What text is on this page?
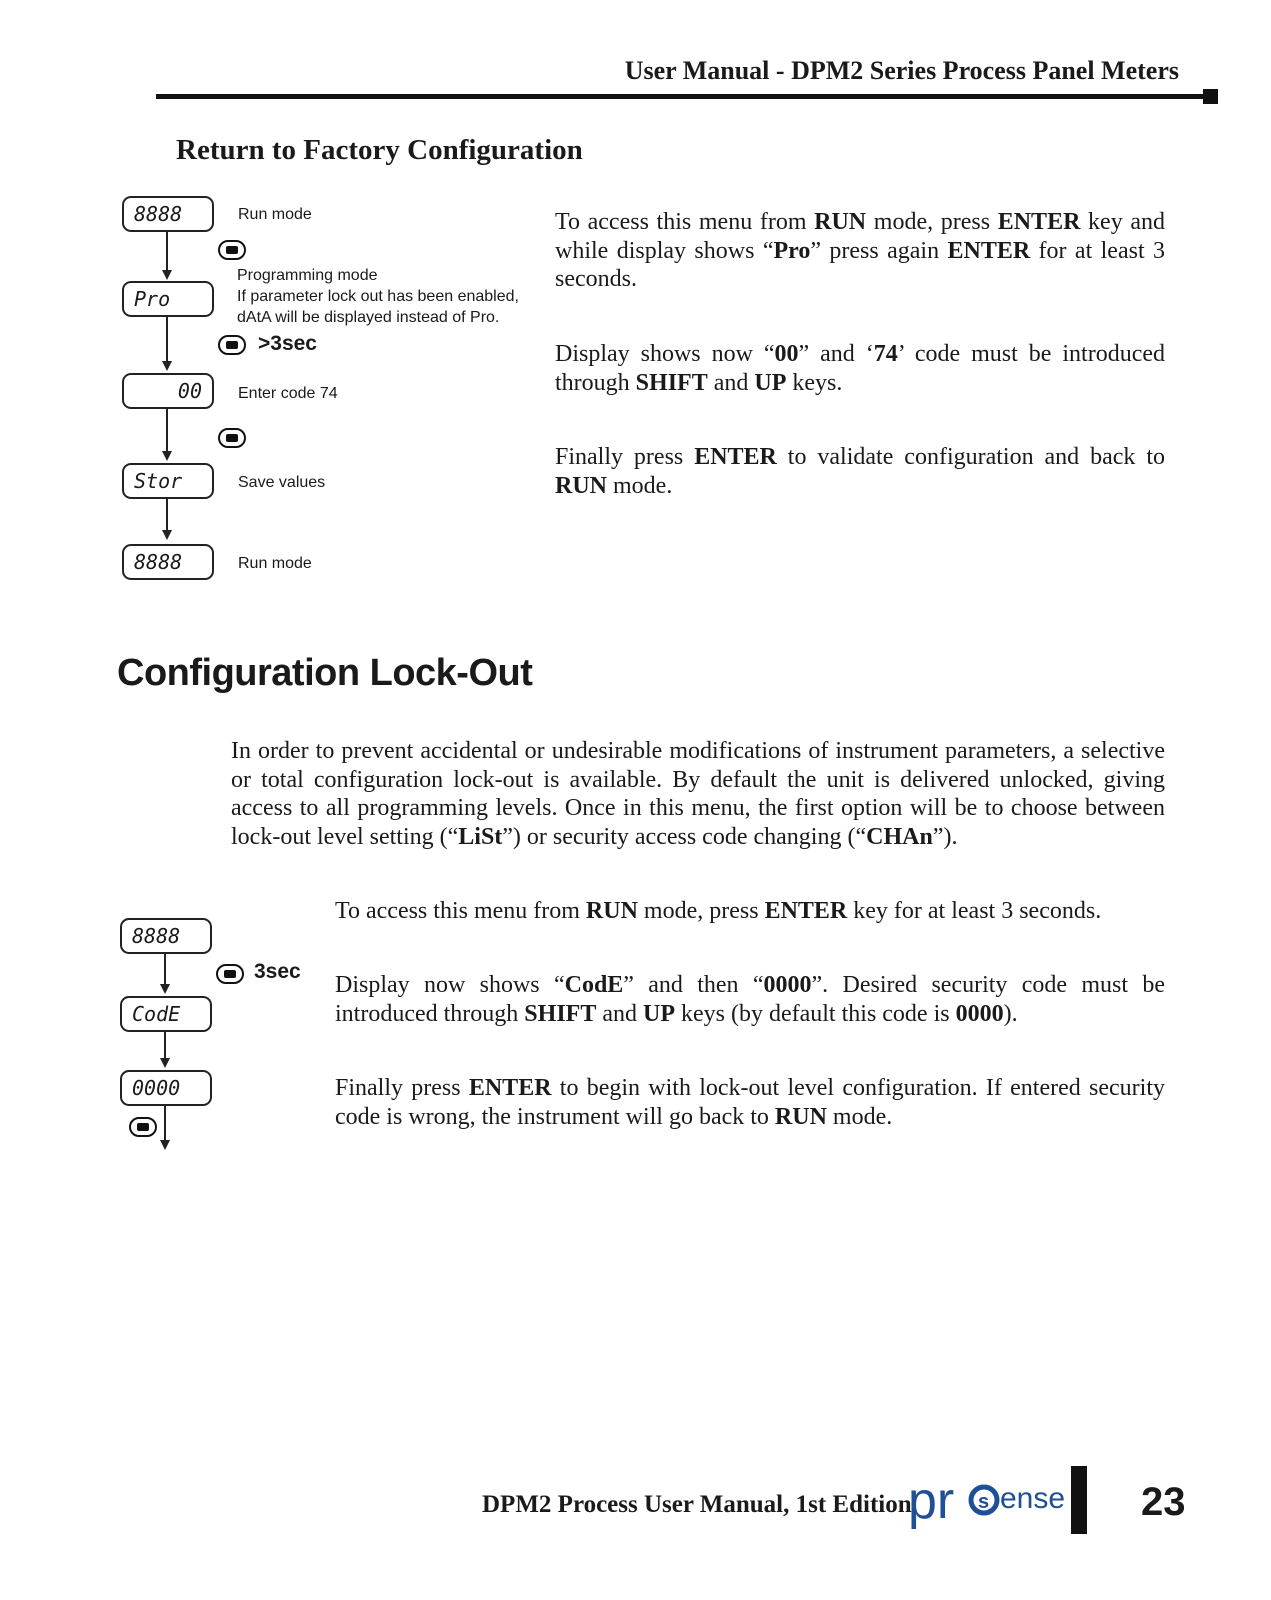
User Manual - DPM2 Series Process Panel Meters
Return to Factory Configuration
8888
Pro
>3sec
00
Stor
8888
Run mode
Programming mode
If parameter lock out has been enabled,
dAtA will be displayed instead of Pro.
Enter code 74
Save values
Run mode
To access this menu from RUN mode, press ENTER key and while display shows “Pro” press again ENTER for at least 3 seconds.
Display shows now “00” and ‘74’ code must be introduced through SHIFT and UP keys.
Finally press ENTER to validate configuration and back to RUN mode.
Configuration Lock-Out
In order to prevent accidental or undesirable modifications of instrument parameters, a selective or total configuration lock-out is available. By default the unit is delivered unlocked, giving access to all programming levels. Once in this menu, the first option will be to choose between lock-out level setting (“LiSt”) or security access code changing (“CHAn”).
8888
3sec
CodE
0000
To access this menu from RUN mode, press ENTER key for at least 3 seconds.
Display now shows “CodE” and then “0000”. Desired security code must be introduced through SHIFT and UP keys (by default this code is 0000).
Finally press ENTER to begin with lock-out level configuration. If entered security code is wrong, the instrument will go back to RUN mode.
DPM2 Process User Manual, 1st Edition
pr s ense 23
